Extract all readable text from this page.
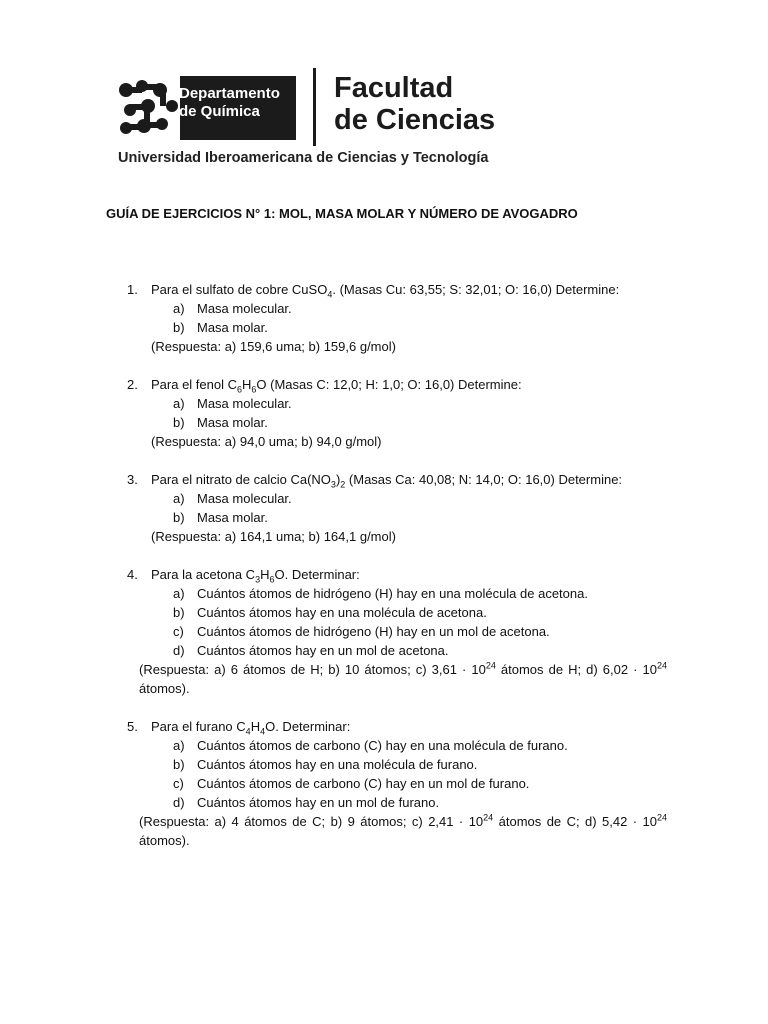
Departamento
de Química
Facultad
de Ciencias
Universidad Iberoamericana de Ciencias y Tecnología
GUÍA DE EJERCICIOS N° 1: MOL, MASA MOLAR Y NÚMERO DE AVOGADRO
1.	Para el sulfato de cobre CuSO$_4$. (Masas Cu: 63,55; S: 32,01; O: 16,0) Determine:
a) Masa molecular.
b) Masa molar.
(Respuesta: a) 159,6 uma; b) 159,6 g/mol)
2.	Para el fenol $C_6H_6O$ (Masas C: 12,0; H: 1,0; O: 16,0) Determine:
a) Masa molecular.
b) Masa molar.
(Respuesta: a) 94,0 uma; b) 94,0 g/mol)
3.	Para el nitrato de calcio $Ca(NO_3)_2$ (Masas Ca: 40,08; N: 14,0; O: 16,0) Determine:
a) Masa molecular.
b) Masa molar.
(Respuesta: a) 164,1 uma; b) 164,1 g/mol)
4.	Para la acetona $C_3H_6O$. Determinar:
a) Cuántos átomos de hidrógeno (H) hay en una molécula de acetona.
b) Cuántos átomos hay en una molécula de acetona.
c) Cuántos átomos de hidrógeno (H) hay en un mol de acetona.
d) Cuántos átomos hay en un mol de acetona.
(Respuesta: a) 6 átomos de H; b) 10 átomos; c) $3,61 \cdot 10^{24}$ átomos de H; d) $6,02 \cdot 10^{24}$ átomos).
5.	Para el furano $C_4H_4O$. Determinar:
a) Cuántos átomos de carbono (C) hay en una molécula de furano.
b) Cuántos átomos hay en una molécula de furano.
c) Cuántos átomos de carbono (C) hay en un mol de furano.
d) Cuántos átomos hay en un mol de furano.
(Respuesta: a) 4 átomos de C; b) 9 átomos; c) $2,41 \cdot 10^{24}$ átomos de C; d) $5,42 \cdot 10^{24}$ átomos).
